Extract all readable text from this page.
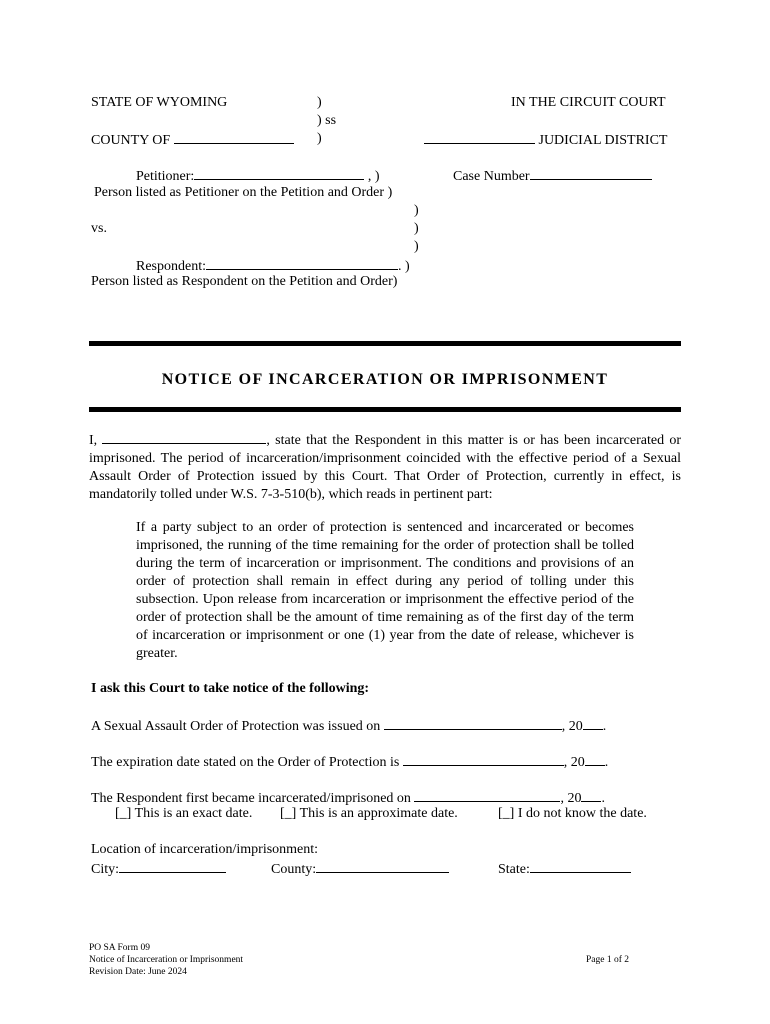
STATE OF WYOMING	)
) ss
COUNTY OF	)
IN THE CIRCUIT COURT
JUDICIAL DISTRICT
Petitioner:	, )
Person listed as Petitioner on the Petition and Order )
)
vs.	)
)
Respondent:	. )
Person listed as Respondent on the Petition and Order)
Case Number
NOTICE OF INCARCERATION OR IMPRISONMENT
I,	, state that the Respondent in this matter is or has been incarcerated or imprisoned. The period of incarceration/imprisonment coincided with the effective period of a Sexual Assault Order of Protection issued by this Court. That Order of Protection, currently in effect, is mandatorily tolled under W.S. 7-3-510(b), which reads in pertinent part:
If a party subject to an order of protection is sentenced and incarcerated or becomes imprisoned, the running of the time remaining for the order of protection shall be tolled during the term of incarceration or imprisonment. The conditions and provisions of an order of protection shall remain in effect during any period of tolling under this subsection. Upon release from incarceration or imprisonment the effective period of the order of protection shall be the amount of time remaining as of the first day of the term of incarceration or imprisonment or one (1) year from the date of release, whichever is greater.
I ask this Court to take notice of the following:
A Sexual Assault Order of Protection was issued on	, 20 .
The expiration date stated on the Order of Protection is	, 20 .
The Respondent first became incarcerated/imprisoned on	, 20 .
[_] This is an exact date. [_] This is an approximate date.	[_] I do not know the date.
Location of incarceration/imprisonment:
City:	County:	State:
PO SA Form 09
Notice of Incarceration or Imprisonment
Revision Date: June 2024
Page 1 of 2
